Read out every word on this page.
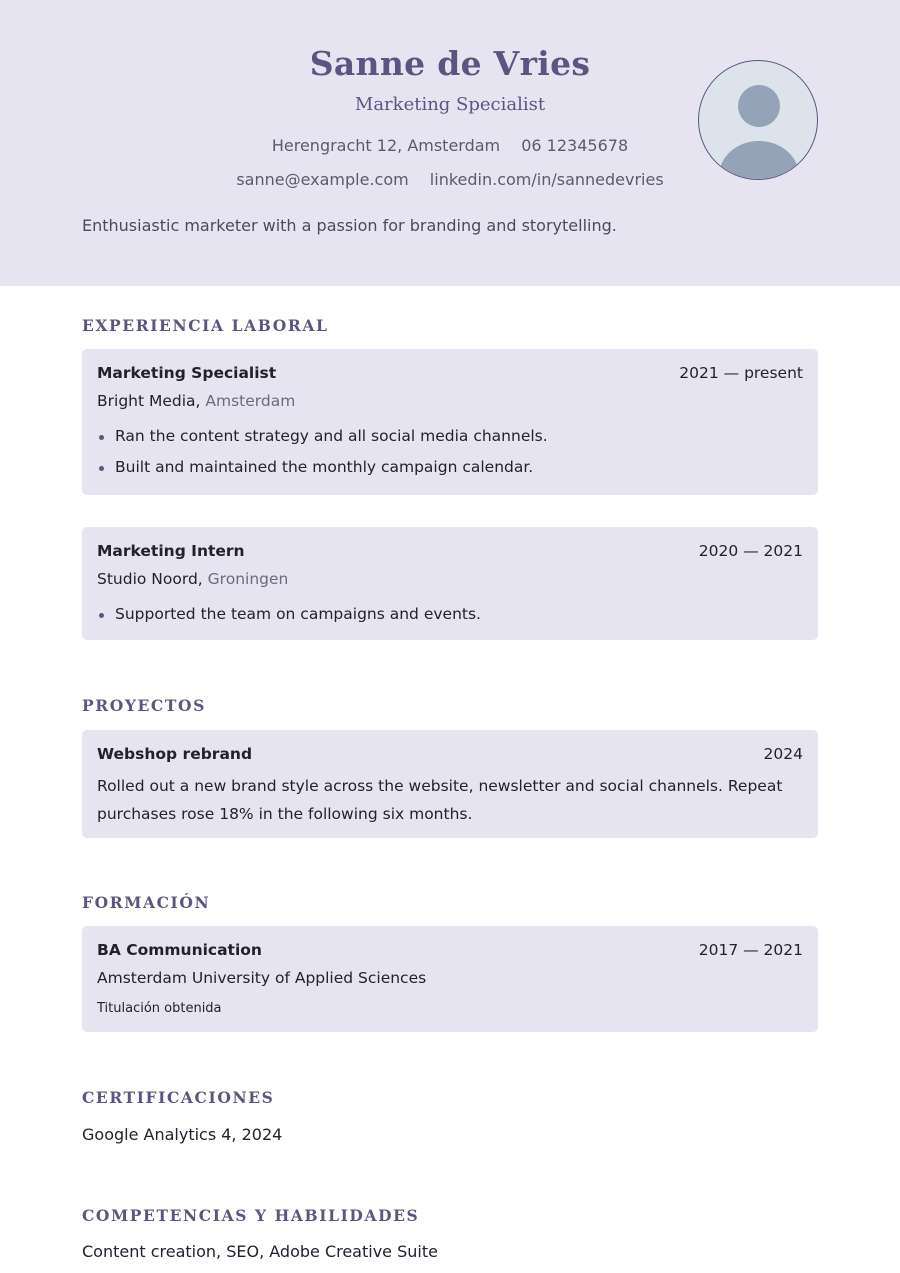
Sanne de Vries
Marketing Specialist
Herengracht 12, Amsterdam 06 12345678
sanne@example.com linkedin.com/in/sannedevries
Enthusiastic marketer with a passion for branding and storytelling.
EXPERIENCIA LABORAL
Marketing Specialist	2021 — present
Bright Media, Amsterdam
Ran the content strategy and all social media channels.
Built and maintained the monthly campaign calendar.
Marketing Intern	2020 — 2021
Studio Noord, Groningen
Supported the team on campaigns and events.
PROYECTOS
Webshop rebrand	2024
Rolled out a new brand style across the website, newsletter and social channels. Repeat purchases rose 18% in the following six months.
FORMACIÓN
BA Communication	2017 — 2021
Amsterdam University of Applied Sciences
Titulación obtenida
CERTIFICACIONES
Google Analytics 4, 2024
COMPETENCIAS Y HABILIDADES
Content creation, SEO, Adobe Creative Suite
